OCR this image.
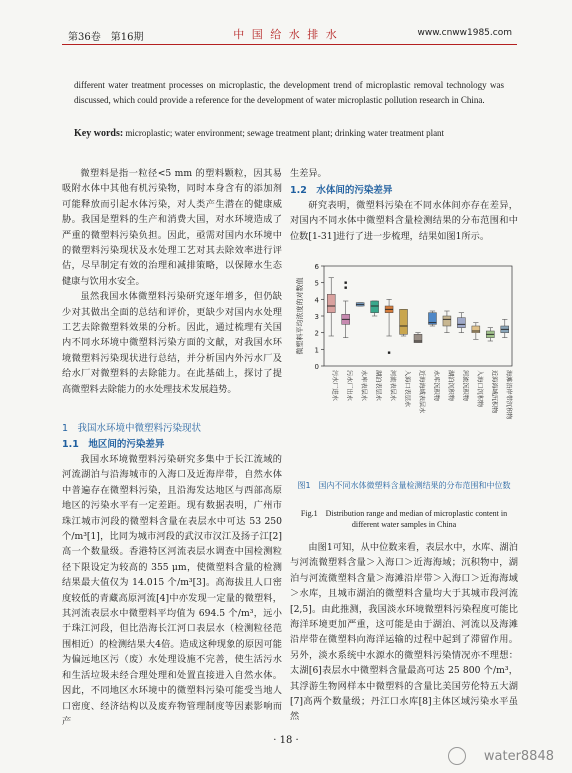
第36卷　第16期	中 国 给 水 排 水	www.cnww1985.com
different water treatment processes on microplastic, the development trend of microplastic removal technology was discussed, which could provide a reference for the development of water microplastic pollution research in China.
Key words: microplastic; water environment; sewage treatment plant; drinking water treatment plant

微塑料是指一粒径<5 mm 的塑料颗粒，因其易吸附水体中其他有机污染物，同时本身含有的添加剂可能释放而引起水体污染，对人类产生潜在的健康威胁。我国是塑料的生产和消费大国，对水环境造成了严重的微塑料污染负担。因此，亟需对国内水环境中的微塑料污染现状及水处理工艺对其去除效率进行评估，尽早制定有效的治理和减排策略，以保障水生态健康与饮用水安全。

虽然我国水体微塑料污染研究逐年增多，但仍缺少对其做出全面的总结和评价，更缺少对国内水处理工艺去除微塑料效果的分析。因此，通过梳理有关国内不同水环境中微塑料污染方面的文献，对我国水环境微塑料污染现状进行总结，并分析国内外污水厂及给水厂对微塑料的去除能力。在此基础上，探讨了提高微塑料去除能力的水处理技术发展趋势。

1　我国水环境中微塑料污染现状
1.1　地区间的污染差异

我国水环境微塑料污染研究多集中于长江流域的河流湖泊与沿海城市的入海口及近海岸带，自然水体中普遍存在微塑料污染，且沿海发达地区与西部高原地区的污染水平有一定差距。现有数据表明，广州市珠江城市河段的微塑料含量在表层水中可达 53 250 个/m³[1]，比同为城市河段的武汉市汉江及扬子江[2]高一个数量级。香港特区河流表层水调查中国检测粒径下限设定为较高的 355 μm，使微塑料含量的检测结果最大值仅为 14.015 个/m³[3]。高海拔且人口密度较低的青藏高原河流[4]中亦发现一定量的微塑料，其河流表层水中微塑料平均值为 694.5 个/m³，远小于珠江河段，但比浩海长江河口表层水（检测粒径范围相近）的检测结果大4倍。造成这种现象的原因可能为偏远地区污（废）水处理设施不完善，使生活污水和生活垃圾未经合理处理和处置直接进入自然水体。因此，不同地区水环境中的微塑料污染可能受当地人口密度、经济结构以及废弃物管理制度等因素影响而产

生差异。
1.2　水体间的污染差异

研究表明，微塑料污染在不同水体间亦存在差异，对国内不同水体中微塑料含量检测结果的分布范围和中位数[1-31]进行了进一步梳理，结果如图1所示。

0
1
2
3
4
5
6
微塑料平均浓度的对数值
污水厂进水 污水厂出水 水库表层水 湖泊表层水 河流表层水 入海口表层水 近海海域表层水 水库沉积物 湖泊沉积物 河流沉积物 入海口沉积物 近海海域沉积物 海滩沿岸带沉积物
图1　国内不同水体微塑料含量检测结果的分布范围和中位数
Fig.1　Distribution range and median of microplastic content in different water samples in China

由图1可知，从中位数来看，表层水中，水库、湖泊与河流微塑料含量＞入海口＞近海海域；沉积物中，湖泊与河流微塑料含量＞海滩沿岸带＞入海口＞近海海域＞水库，且城市湖泊的微塑料含量均大于其城市段河流[2,5]。由此推测，我国淡水环境微塑料污染程度可能比海洋环境更加严重，这可能是由于湖泊、河流以及海滩沿岸带在微塑料向海洋运输的过程中起到了滞留作用。另外，淡水系统中水源水的微塑料污染情况亦不理想：太湖[6]表层水中微塑料含量最高可达 25 800 个/m³，其浮游生物网样本中微塑料的含量比美国劳伦特五大湖[7]高两个数量级；丹江口水库[8]主体区域污染水平虽然

· 18 ·
water8848
